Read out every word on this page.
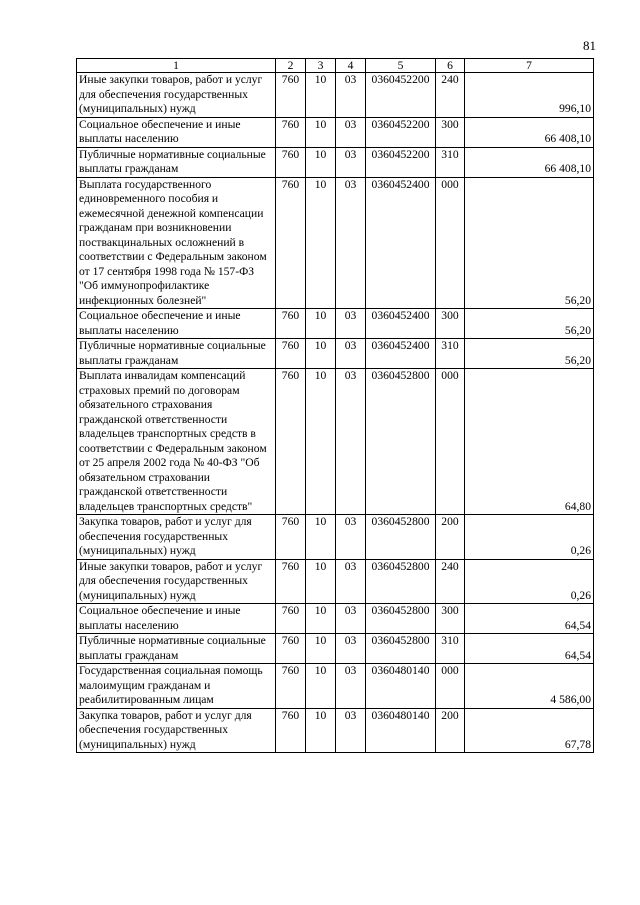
81
1	2	3	4	5	6	7
Иные закупки товаров, работ и услуг для обеспечения государственных (муниципальных) нужд	760	10	03	0360452200	240	996,10
Социальное обеспечение и иные выплаты населению	760	10	03	0360452200	300	66 408,10
Публичные нормативные социальные выплаты гражданам	760	10	03	0360452200	310	66 408,10
Выплата государственного единовременного пособия и ежемесячной денежной компенсации гражданам при возникновении поствакцинальных осложнений в соответствии с Федеральным законом от 17 сентября 1998 года № 157-ФЗ "Об иммунопрофилактике инфекционных болезней"	760	10	03	0360452400	000	56,20
Социальное обеспечение и иные выплаты населению	760	10	03	0360452400	300	56,20
Публичные нормативные социальные выплаты гражданам	760	10	03	0360452400	310	56,20
Выплата инвалидам компенсаций страховых премий по договорам обязательного страхования гражданской ответственности владельцев транспортных средств в соответствии с Федеральным законом от 25 апреля 2002 года № 40-ФЗ "Об обязательном страховании гражданской ответственности владельцев транспортных средств"	760	10	03	0360452800	000	64,80
Закупка товаров, работ и услуг для обеспечения государственных (муниципальных) нужд	760	10	03	0360452800	200	0,26
Иные закупки товаров, работ и услуг для обеспечения государственных (муниципальных) нужд	760	10	03	0360452800	240	0,26
Социальное обеспечение и иные выплаты населению	760	10	03	0360452800	300	64,54
Публичные нормативные социальные выплаты гражданам	760	10	03	0360452800	310	64,54
Государственная социальная помощь малоимущим гражданам и реабилитированным лицам	760	10	03	0360480140	000	4 586,00
Закупка товаров, работ и услуг для обеспечения государственных (муниципальных) нужд	760	10	03	0360480140	200	67,78
